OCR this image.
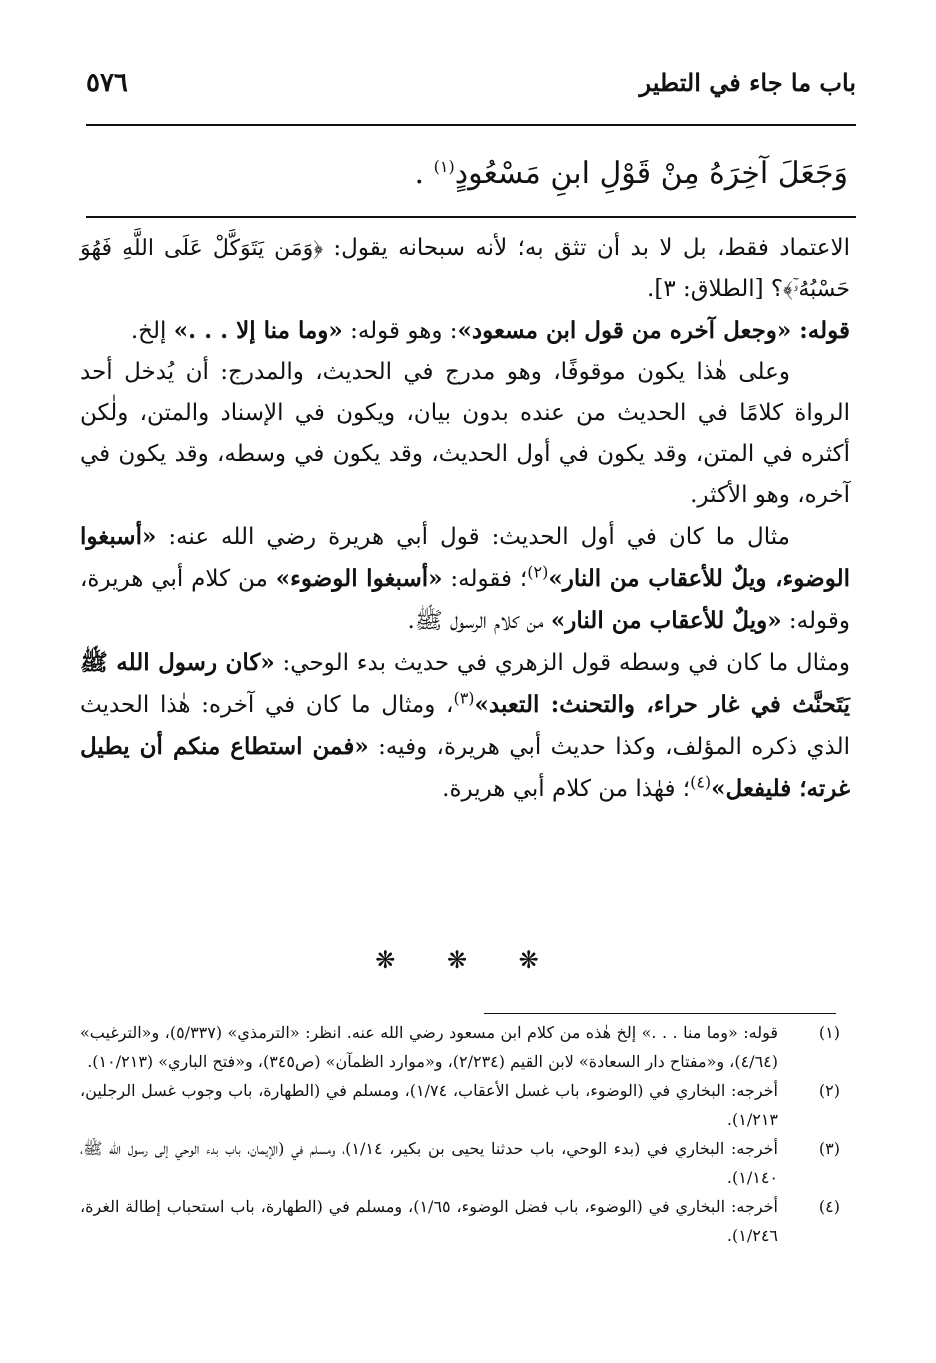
باب ما جاء في التطير
٥٧٦
وَجَعَلَ آخِرَهُ مِنْ قَوْلِ ابنِ مَسْعُودٍ$^{(١)}$ .

الاعتماد فقط، بل لا بد أن تثق به؛ لأنه سبحانه يقول: ﴿وَمَن يَتَوَكَّلْ عَلَى اللَّهِ فَهُوَ حَسْبُهُۥٓ﴾؟ [الطلاق: ٣].

قوله: «وجعل آخره من قول ابن مسعود»: وهو قوله: «وما منا إلا . . .» إلخ.

وعلى هٰذا يكون موقوفًا، وهو مدرج في الحديث، والمدرج: أن يُدخل أحد الرواة كلامًا في الحديث من عنده بدون بيان، ويكون في الإسناد والمتن، ولٰكن أكثره في المتن، وقد يكون في أول الحديث، وقد يكون في وسطه، وقد يكون في آخره، وهو الأكثر.

مثال ما كان في أول الحديث: قول أبي هريرة رضي الله عنه: «أسبغوا الوضوء، ويلٌ للأعقاب من النار»$^{(٢)}$؛ فقوله: «أسبغوا الوضوء» من كلام أبي هريرة، وقوله: «ويلٌ للأعقاب من النار» من كلام الرسول ﷺ.

ومثال ما كان في وسطه قول الزهري في حديث بدء الوحي: «كان رسول الله ﷺ يَتَحنَّث في غار حراء، والتحنث: التعبد»$^{(٣)}$، ومثال ما كان في آخره: هٰذا الحديث الذي ذكره المؤلف، وكذا حديث أبي هريرة، وفيه: «فمن استطاع منكم أن يطيل غرته؛ فليفعل»$^{(٤)}$؛ فهٰذا من كلام أبي هريرة.

❋ ❋ ❋

(١)
قوله: «وما منا . . .» إلخ هٰذه من كلام ابن مسعود رضي الله عنه. انظر: «الترمذي» (٥/٣٣٧)، و«الترغيب» (٤/٦٤)، و«مفتاح دار السعادة» لابن القيم (٢/٢٣٤)، و«موارد الظمآن» (ص٣٤٥)، و«فتح الباري» (١٠/٢١٣).

(٢)
أخرجه: البخاري في (الوضوء، باب غسل الأعقاب، ١/٧٤)، ومسلم في (الطهارة، باب وجوب غسل الرجلين، ١/٢١٣).

(٣)
أخرجه: البخاري في (بدء الوحي، باب حدثنا يحيى بن بكير، ١/١٤)، ومسلم في (الإيمان، باب بدء الوحي إلى رسول الله ﷺ، ١/١٤٠).

(٤)
أخرجه: البخاري في (الوضوء، باب فضل الوضوء، ١/٦٥)، ومسلم في (الطهارة، باب استحباب إطالة الغرة، ١/٢٤٦).
